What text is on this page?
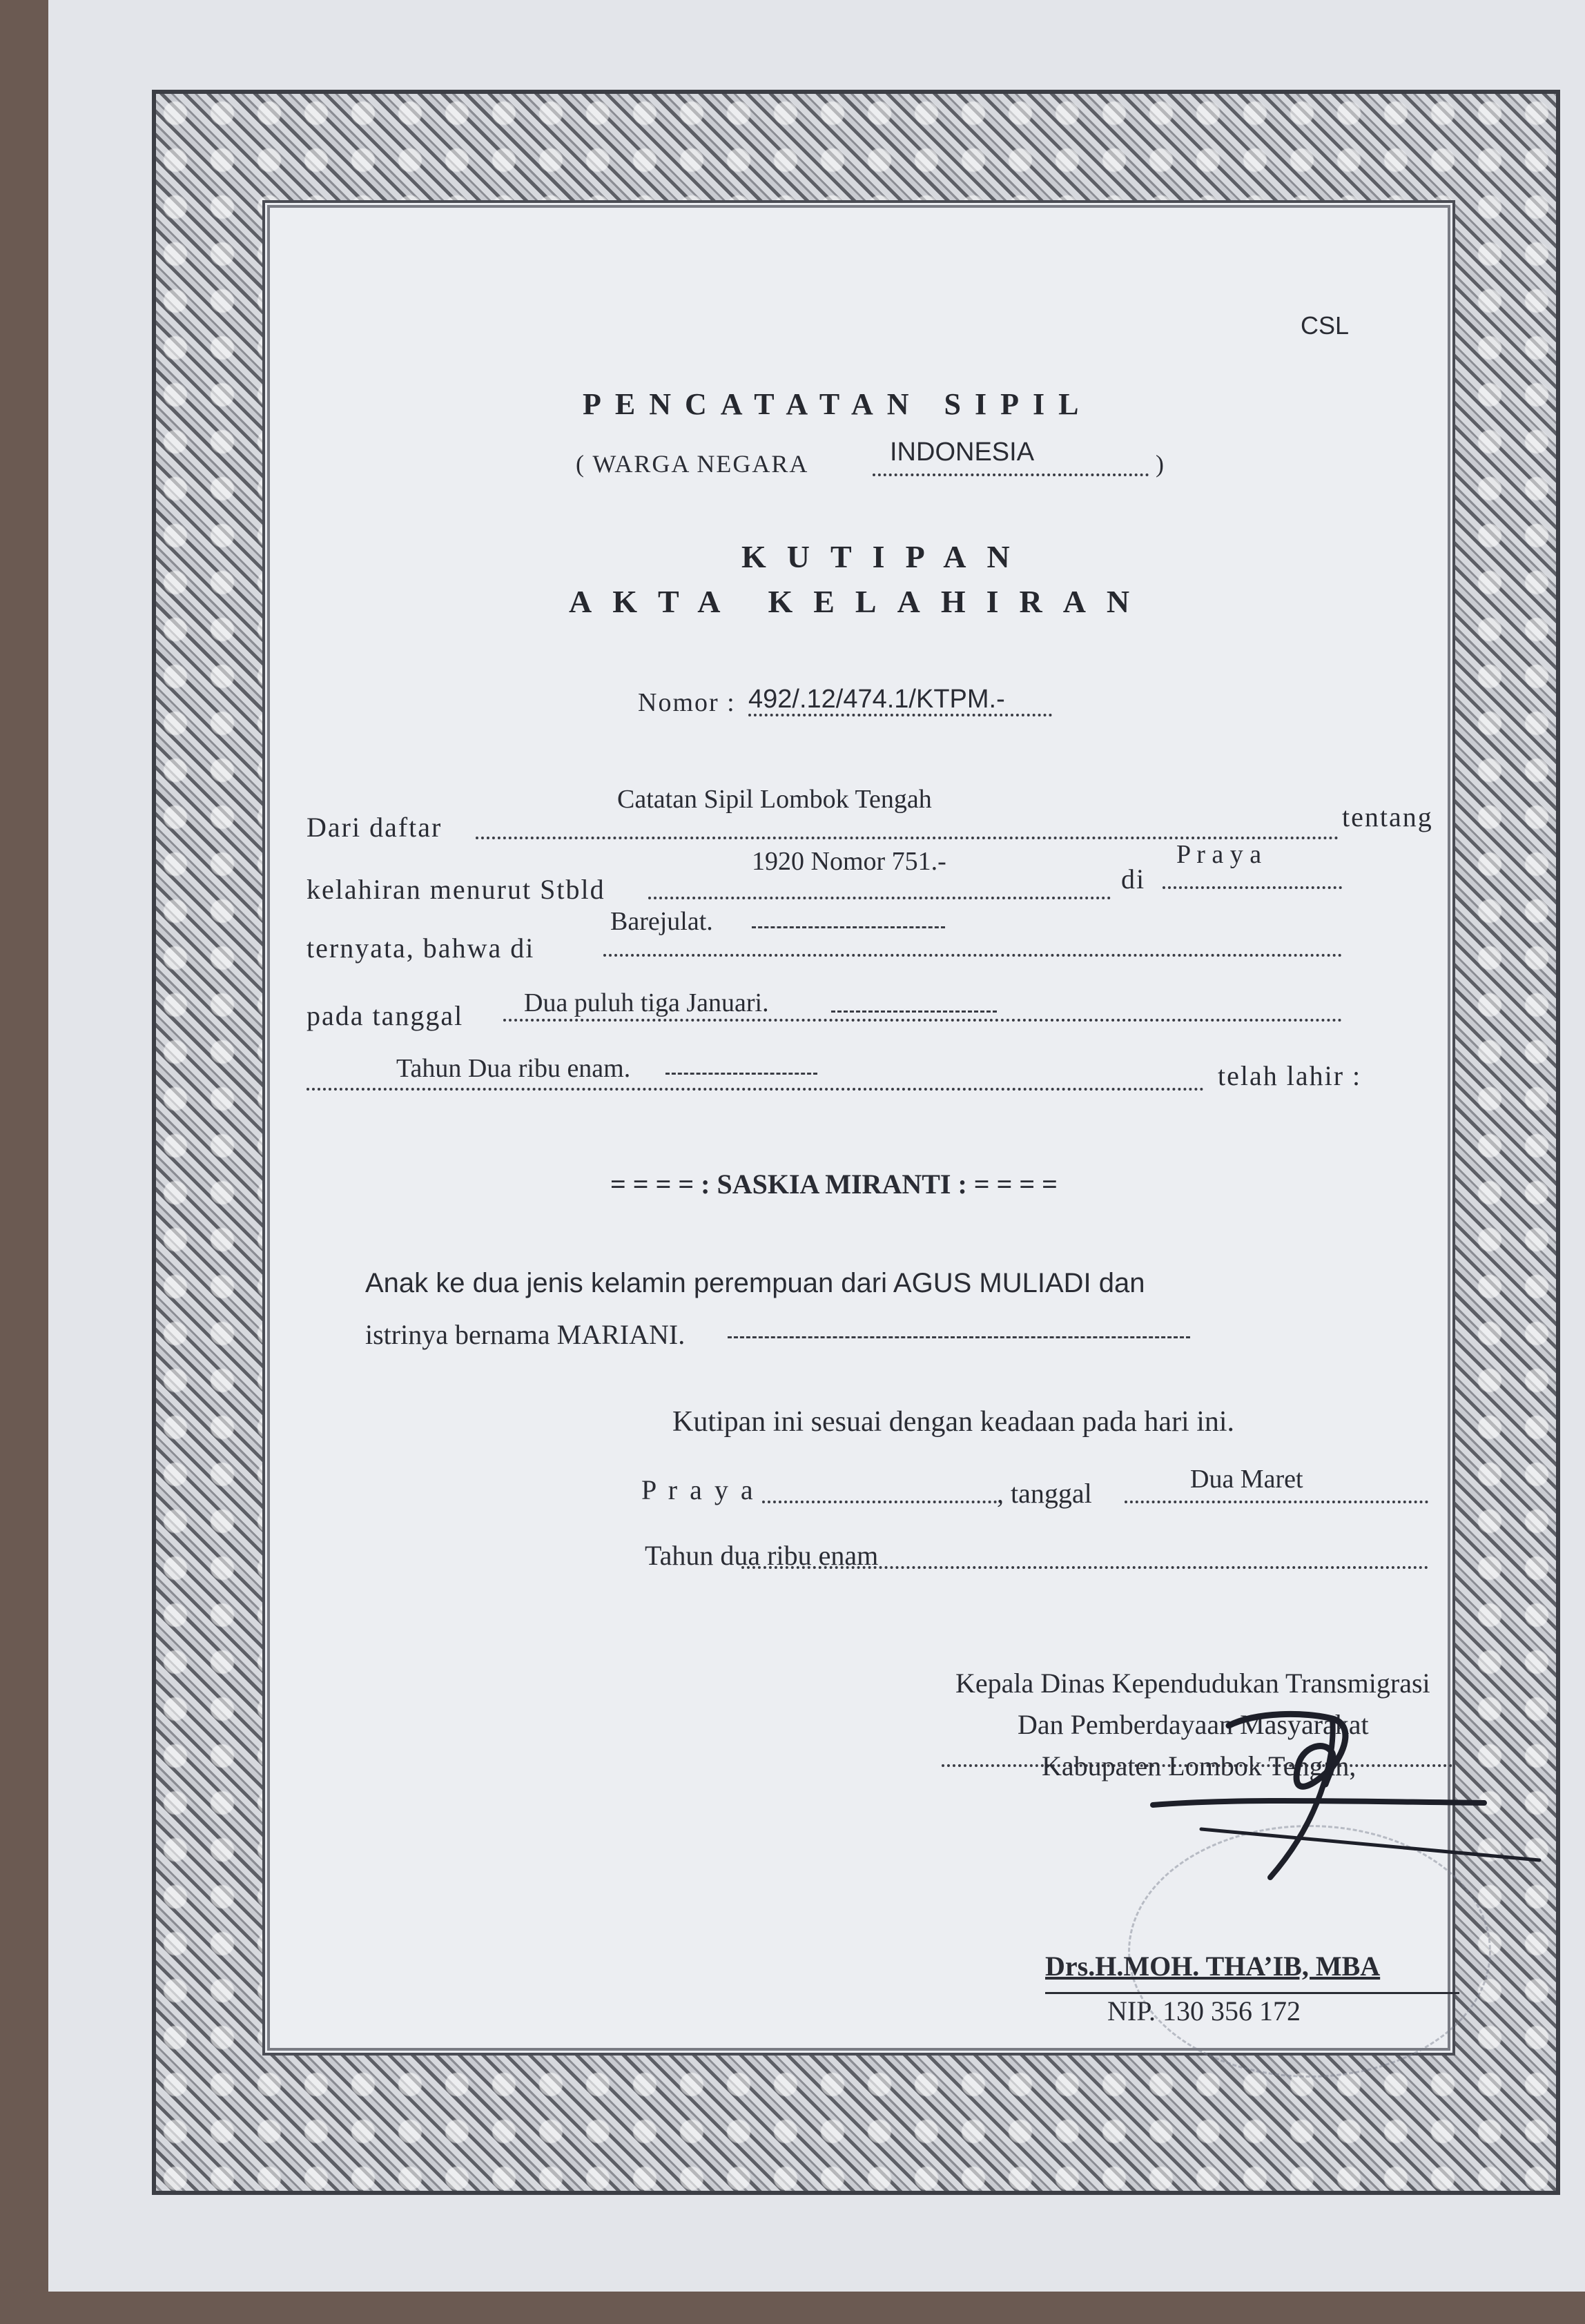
CSL
PENCATATAN SIPIL
( WARGA NEGARA	INDONESIA	)
KUTIPAN
AKTA KELAHIRAN
Nomor : 492/.12/474.1/KTPM.-
Dari daftar
Catatan Sipil Lombok Tengah
tentang
kelahiran menurut Stbld
1920 Nomor 751.-
di
P r a y a
ternyata, bahwa di
Barejulat.
pada tanggal Dua puluh tiga Januari.
Tahun Dua ribu enam.	telah lahir :
= = = = : SASKIA MIRANTI : = = = =
Anak ke dua jenis kelamin perempuan dari AGUS MULIADI dan
istrinya bernama MARIANI.
Kutipan ini sesuai dengan keadaan pada hari ini.
P r a y a	, tanggal	Dua Maret
Tahun dua ribu enam
Kepala Dinas Kependudukan Transmigrasi
Dan Pemberdayaan Masyarakat
Kabupaten Lombok Tengah,
Drs.H.MOH. THA’IB, MBA
NIP. 130 356 172
